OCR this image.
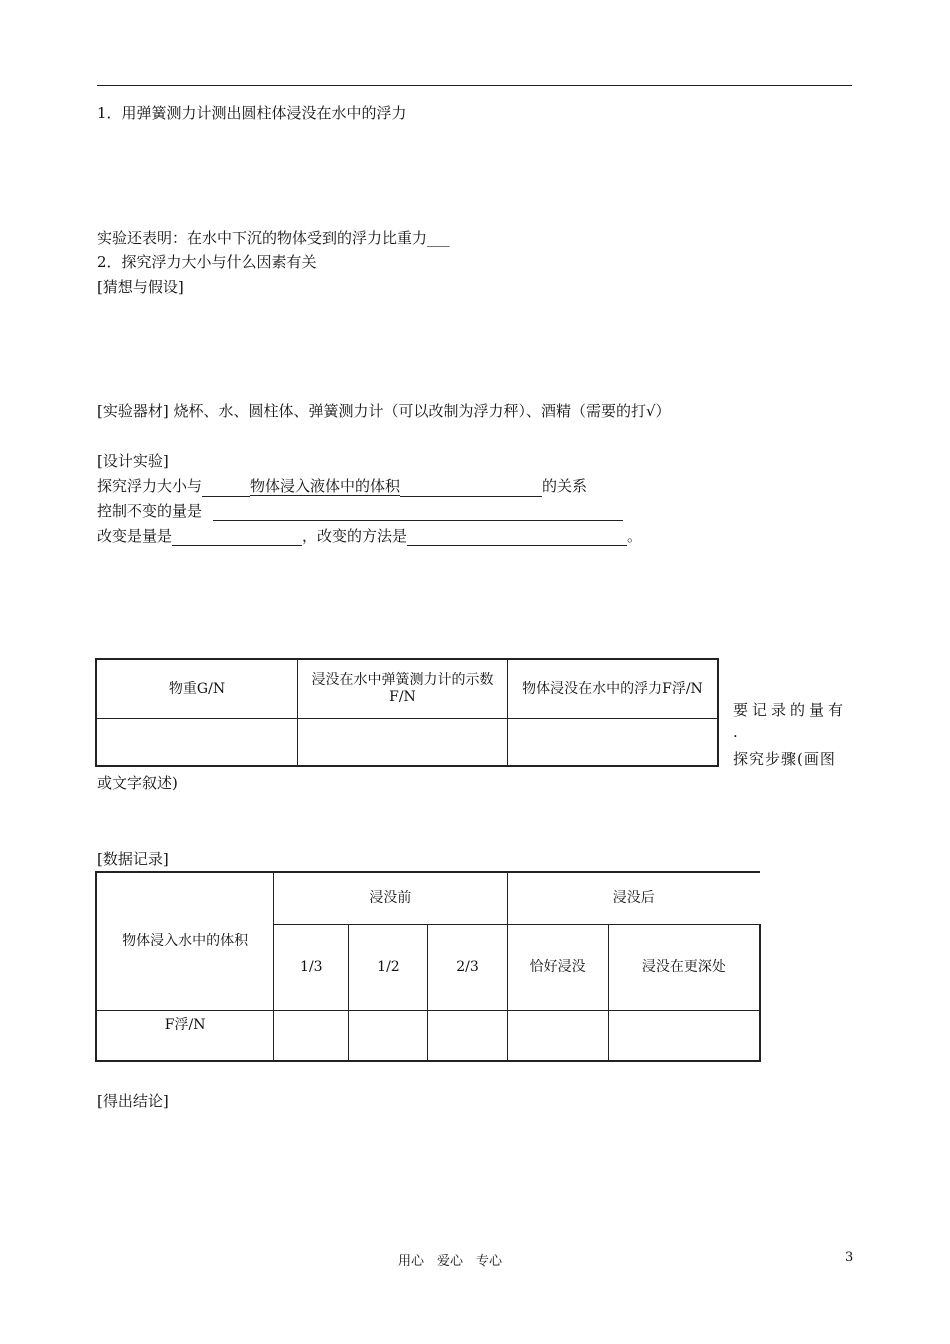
1．用弹簧测力计测出圆柱体浸没在水中的浮力
实验还表明：在水中下沉的物体受到的浮力比重力___
2．探究浮力大小与什么因素有关
[猜想与假设]
[实验器材] 烧杯、水、圆柱体、弹簧测力计（可以改制为浮力秤）、酒精（需要的打√）
[设计实验]
探究浮力大小与	物体浸入液体中的体积	的关系
控制不变的量是
改变是量是	，改变的方法是	。
物重G/N	浸没在水中弹簧测力计的示数F/N	物体浸没在水中的浮力F浮/N

要记录的量有
.
探究步骤(画图
或文字叙述)
[数据记录]
物体浸入水中的体积	浸没前			浸没后	
	1/3	1/2	2/3	恰好浸没	浸没在更深处
F浮/N					
[得出结论]
用心　爱心　专心	3
